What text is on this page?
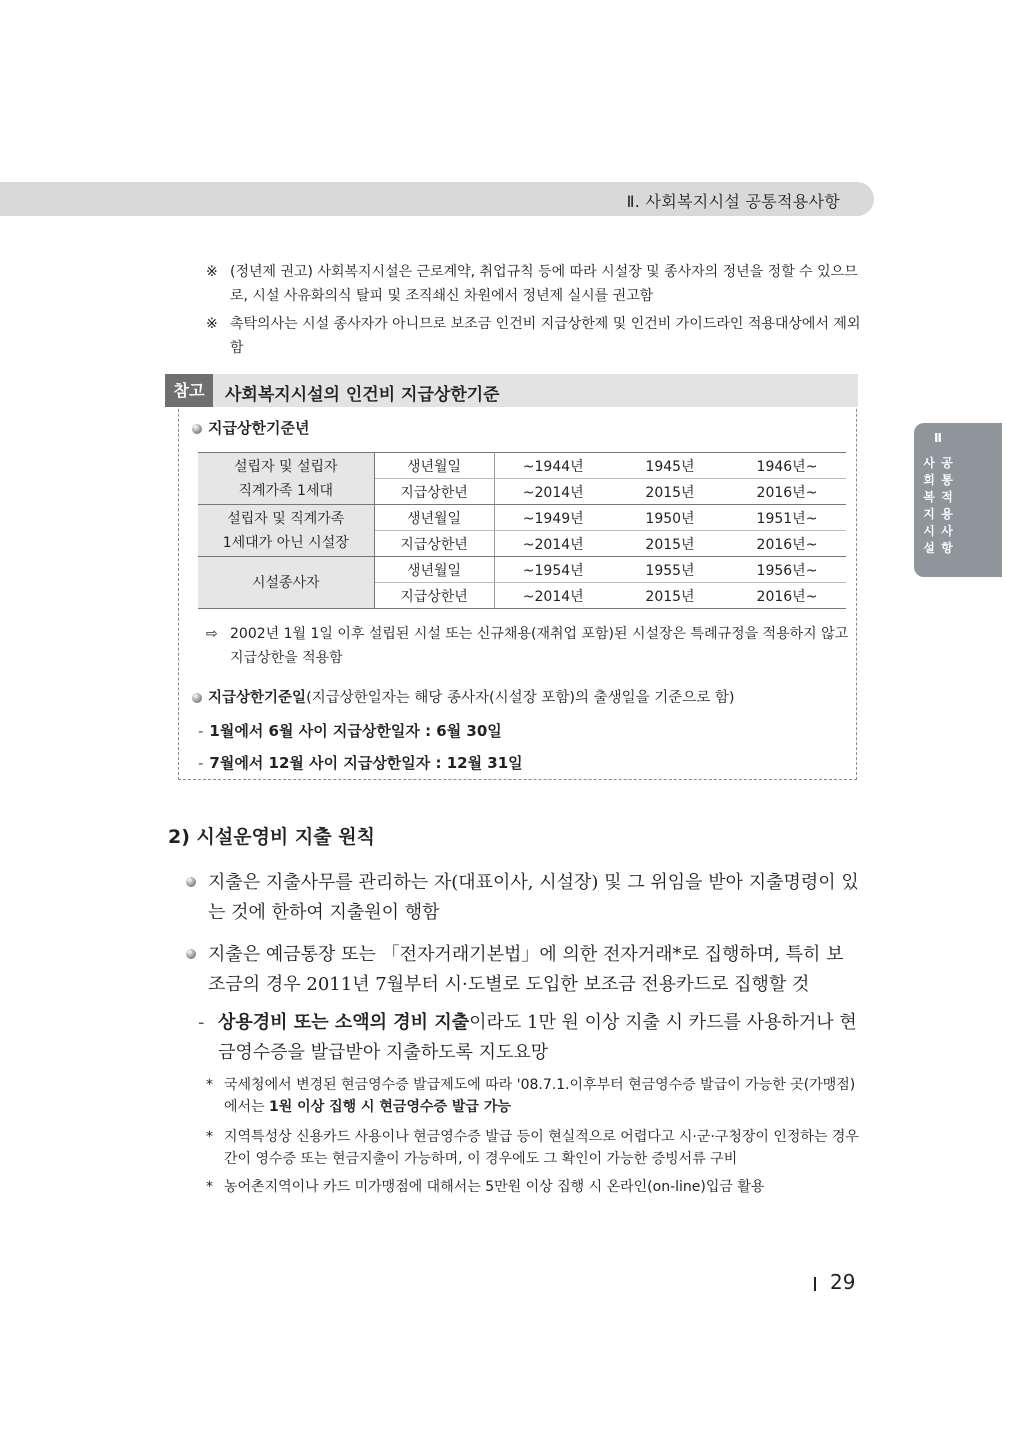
Ⅱ. 사회복지시설 공통적용사항
Ⅱ
사
회
복
지
시
설
공
통
적
용
사
항
※ (정년제 권고) 사회복지시설은 근로계약, 취업규칙 등에 따라 시설장 및 종사자의 정년을 정할 수 있으므로, 시설 사유화의식 탈피 및 조직쇄신 차원에서 정년제 실시를 권고함
※ 촉탁의사는 시설 종사자가 아니므로 보조금 인건비 지급상한제 및 인건비 가이드라인 적용대상에서 제외함
참고	사회복지시설의 인건비 지급상한기준
지급상한기준년
설립자 및 설립자
직계가족 1세대	생년월일	~1944년	1945년	1946년~
	지급상한년	~2014년	2015년	2016년~
설립자 및 직계가족
1세대가 아닌 시설장	생년월일	~1949년	1950년	1951년~
	지급상한년	~2014년	2015년	2016년~
시설종사자	생년월일	~1954년	1955년	1956년~
	지급상한년	~2014년	2015년	2016년~
⇨ 2002년 1월 1일 이후 설립된 시설 또는 신규채용(재취업 포함)된 시설장은 특례규정을 적용하지 않고 지급상한을 적용함
지급상한기준일(지급상한일자는 해당 종사자(시설장 포함)의 출생일을 기준으로 함)
- 1월에서 6월 사이 지급상한일자 : 6월 30일
- 7월에서 12월 사이 지급상한일자 : 12월 31일
2) 시설운영비 지출 원칙
지출은 지출사무를 관리하는 자(대표이사, 시설장) 및 그 위임을 받아 지출명령이 있는 것에 한하여 지출원이 행함
지출은 예금통장 또는 「전자거래기본법」에 의한 전자거래*로 집행하며, 특히 보조금의 경우 2011년 7월부터 시·도별로 도입한 보조금 전용카드로 집행할 것
- 상용경비 또는 소액의 경비 지출이라도 1만 원 이상 지출 시 카드를 사용하거나 현금영수증을 발급받아 지출하도록 지도요망
* 국세청에서 변경된 현금영수증 발급제도에 따라 '08.7.1.이후부터 현금영수증 발급이 가능한 곳(가맹점)에서는 1원 이상 집행 시 현금영수증 발급 가능
* 지역특성상 신용카드 사용이나 현금영수증 발급 등이 현실적으로 어렵다고 시·군·구청장이 인정하는 경우 간이 영수증 또는 현금지출이 가능하며, 이 경우에도 그 확인이 가능한 증빙서류 구비
* 농어촌지역이나 카드 미가맹점에 대해서는 5만원 이상 집행 시 온라인(on-line)입금 활용
29
